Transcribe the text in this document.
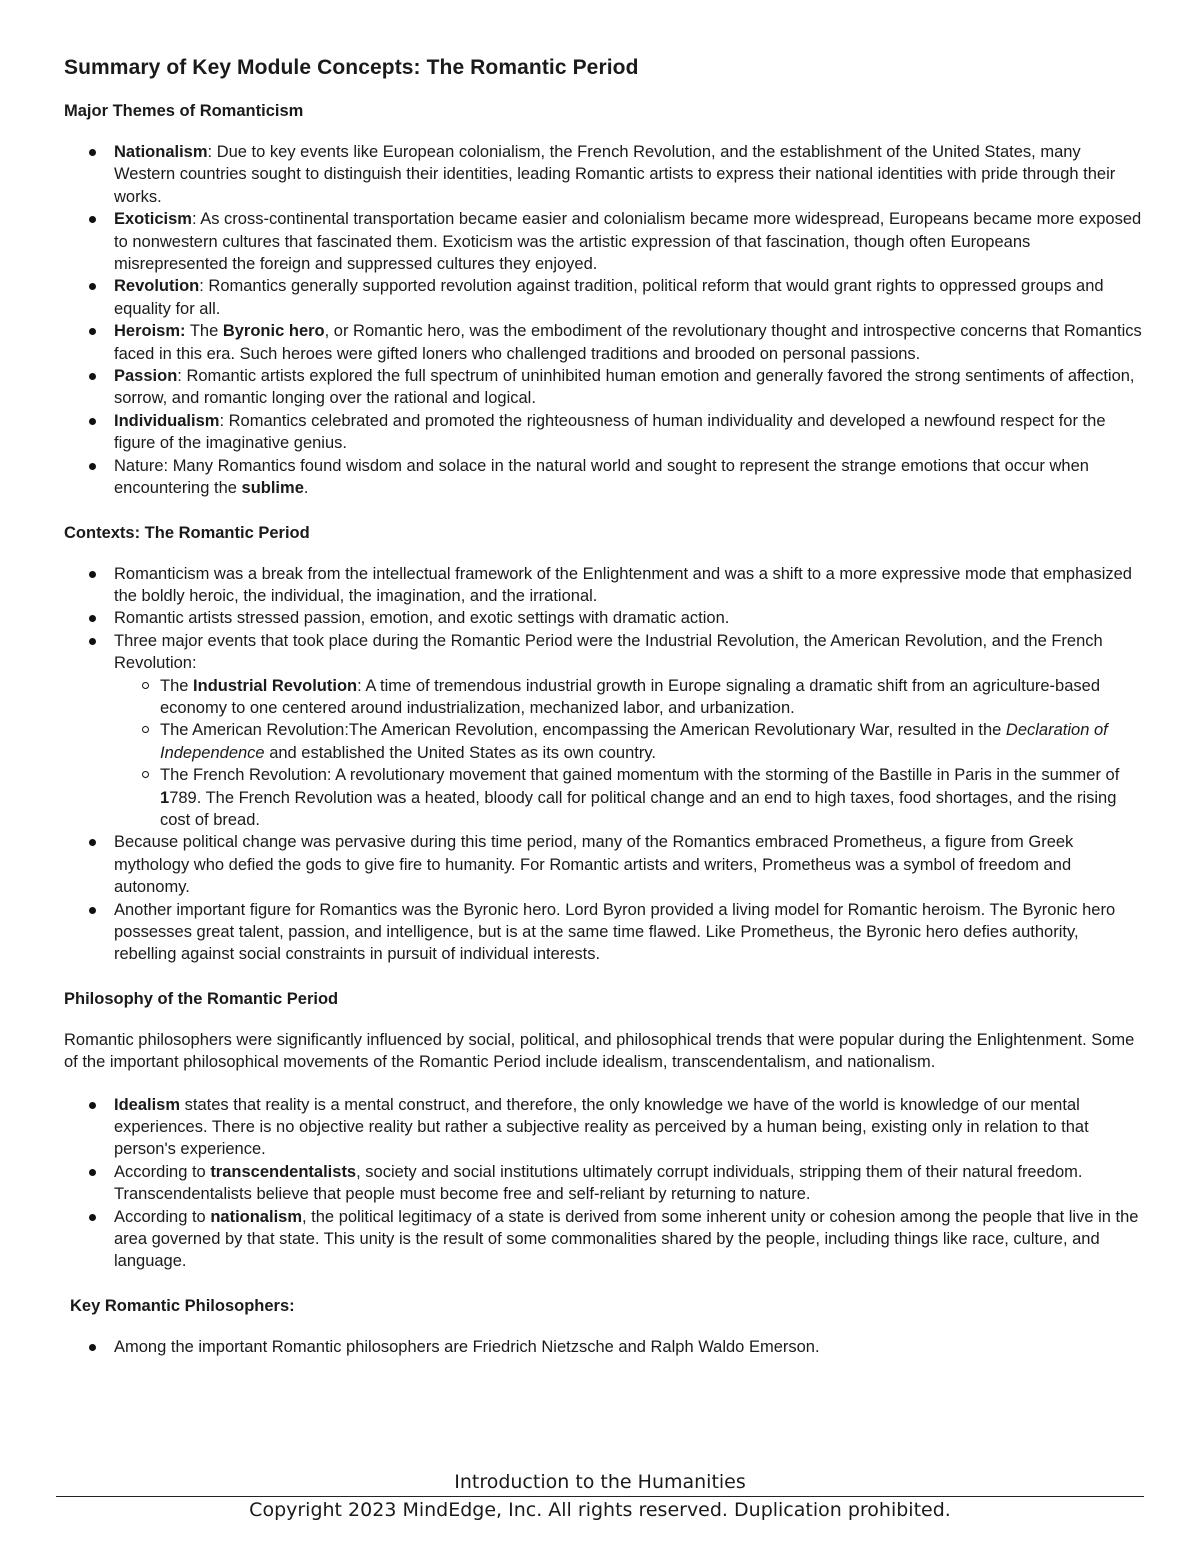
Summary of Key Module Concepts: The Romantic Period
Major Themes of Romanticism
Nationalism: Due to key events like European colonialism, the French Revolution, and the establishment of the United States, many Western countries sought to distinguish their identities, leading Romantic artists to express their national identities with pride through their works.
Exoticism: As cross-continental transportation became easier and colonialism became more widespread, Europeans became more exposed to nonwestern cultures that fascinated them. Exoticism was the artistic expression of that fascination, though often Europeans misrepresented the foreign and suppressed cultures they enjoyed.
Revolution: Romantics generally supported revolution against tradition, political reform that would grant rights to oppressed groups and equality for all.
Heroism: The Byronic hero, or Romantic hero, was the embodiment of the revolutionary thought and introspective concerns that Romantics faced in this era. Such heroes were gifted loners who challenged traditions and brooded on personal passions.
Passion: Romantic artists explored the full spectrum of uninhibited human emotion and generally favored the strong sentiments of affection, sorrow, and romantic longing over the rational and logical.
Individualism: Romantics celebrated and promoted the righteousness of human individuality and developed a newfound respect for the figure of the imaginative genius.
Nature: Many Romantics found wisdom and solace in the natural world and sought to represent the strange emotions that occur when encountering the sublime.
Contexts: The Romantic Period
Romanticism was a break from the intellectual framework of the Enlightenment and was a shift to a more expressive mode that emphasized the boldly heroic, the individual, the imagination, and the irrational.
Romantic artists stressed passion, emotion, and exotic settings with dramatic action.
Three major events that took place during the Romantic Period were the Industrial Revolution, the American Revolution, and the French Revolution:
The Industrial Revolution: A time of tremendous industrial growth in Europe signaling a dramatic shift from an agriculture-based economy to one centered around industrialization, mechanized labor, and urbanization.
The American Revolution:The American Revolution, encompassing the American Revolutionary War, resulted in the Declaration of Independence and established the United States as its own country.
The French Revolution: A revolutionary movement that gained momentum with the storming of the Bastille in Paris in the summer of 1789. The French Revolution was a heated, bloody call for political change and an end to high taxes, food shortages, and the rising cost of bread.
Because political change was pervasive during this time period, many of the Romantics embraced Prometheus, a figure from Greek mythology who defied the gods to give fire to humanity. For Romantic artists and writers, Prometheus was a symbol of freedom and autonomy.
Another important figure for Romantics was the Byronic hero. Lord Byron provided a living model for Romantic heroism. The Byronic hero possesses great talent, passion, and intelligence, but is at the same time flawed. Like Prometheus, the Byronic hero defies authority, rebelling against social constraints in pursuit of individual interests.
Philosophy of the Romantic Period

Romantic philosophers were significantly influenced by social, political, and philosophical trends that were popular during the Enlightenment. Some of the important philosophical movements of the Romantic Period include idealism, transcendentalism, and nationalism.

Idealism states that reality is a mental construct, and therefore, the only knowledge we have of the world is knowledge of our mental experiences. There is no objective reality but rather a subjective reality as perceived by a human being, existing only in relation to that person's experience.
According to transcendentalists, society and social institutions ultimately corrupt individuals, stripping them of their natural freedom. Transcendentalists believe that people must become free and self-reliant by returning to nature.
According to nationalism, the political legitimacy of a state is derived from some inherent unity or cohesion among the people that live in the area governed by that state. This unity is the result of some commonalities shared by the people, including things like race, culture, and language.
Key Romantic Philosophers:
Among the important Romantic philosophers are Friedrich Nietzsche and Ralph Waldo Emerson.
Introduction to the Humanities
Copyright 2023 MindEdge, Inc. All rights reserved. Duplication prohibited.
